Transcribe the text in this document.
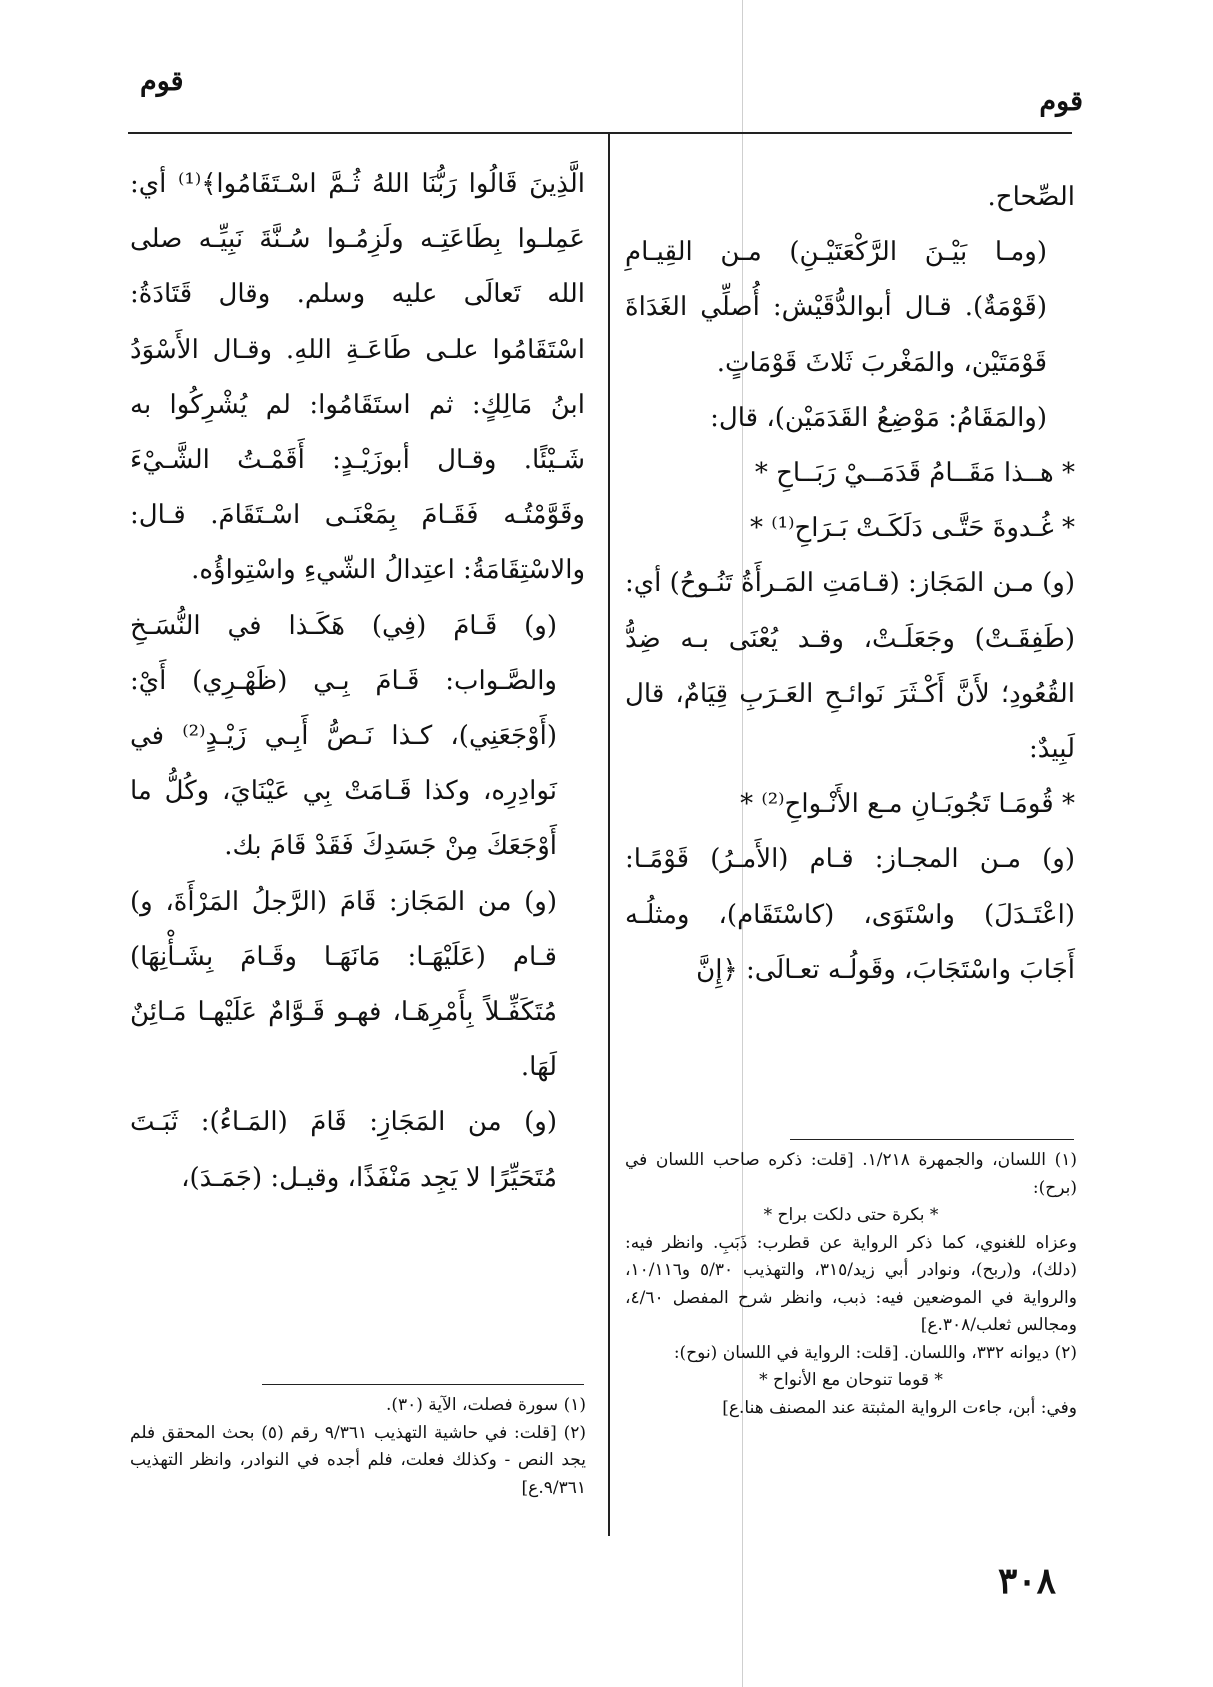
قوم
قوم

الصِّحاح.

(ومـا بَيْـنَ الرَّكْعَتَيْـنِ) مـن القِيـامِ (قَوْمَةٌ). قـال أبوالدُّقَيْش: أُصلِّي الغَدَاةَ قَوْمَتَيْن، والمَغْربَ ثَلاثَ قَوْمَاتٍ.

(والمَقَامُ: مَوْضِعُ القَدَمَيْن)، قال:

* هــذا مَقَــامُ قَدَمَــيْ رَبَــاحِ *

* غُـدوةَ حَتَّـى دَلَكَـتْ بَـرَاحِ⁽¹⁾ *

(و) مـن المَجَاز: (قـامَتِ المَـرأَةُ تَنُـوحُ) أي: (طَفِقَـتْ) وجَعَلَـتْ، وقـد يُعْنَى بـه ضِدُّ القُعُودِ؛ لأَنَّ أَكْـثَرَ نَوائـحِ العَـرَبِ قِيَامٌ، قال لَبِيدٌ:

* قُومَـا تَجُوبَـانِ مـع الأَنْـواحِ⁽²⁾ *

(و) مـن المجـاز: قـام (الأَمـرُ) قَوْمًـا: (اعْتَـدَلَ) واسْتَوَى، (كاسْتَقَام)، ومثلُـه أَجَابَ واسْتَجَابَ، وقَولُـه تعـالَى: ﴿إِنَّ

(١) اللسان، والجمهرة ١/٢١٨. [قلت: ذكره صاحب اللسان في (برح):

* بكرة حتى دلكت براح *

وعزاه للغنوي، كما ذكر الرواية عن قطرب: ذَبَبِ. وانظر فيه: (دلك)، و(ربح)، ونوادر أبي زيد/٣١٥، والتهذيب ٥/٣٠ و١٠/١١٦، والرواية في الموضعين فيه: ذبب، وانظر شرح المفصل ٤/٦٠، ومجالس ثعلب/٣٠٨.ع]

(٢) ديوانه ٣٣٢، واللسان. [قلت: الرواية في اللسان (نوح):

* قوما تنوحان مع الأنواح *

وفي: أبن، جاءت الرواية المثبتة عند المصنف هنا.ع]

الَّذِينَ قَالُوا رَبُّنَا اللهُ ثُـمَّ اسْـتَقَامُوا﴾⁽¹⁾ أي: عَمِلـوا بِطَاعَتِـه ولَزِمُـوا سُـنَّةَ نَبِيِّـه صلى الله تَعالَى عليه وسلم. وقال قَتَادَةُ: اسْتَقَامُوا علـى طَاعَـةِ اللهِ. وقـال الأَسْوَدُ ابنُ مَالِكٍ: ثم استَقَامُوا: لم يُشْرِكُوا به شَـيْئًا. وقـال أبوزَيْـدٍ: أَقَمْـتُ الشَّـيْءَ وقَوَّمْتُـه فَقَـامَ بِمَعْنَـى اسْـتَقَامَ. قـال: والاسْتِقَامَةُ: اعتِدالُ الشّيءِ واسْتِواؤُه.

(و) قَـامَ (فِي) هَكَـذا في النُّسَـخِ والصَّـواب: قَـامَ بِـي (ظَهْـرِي) أَيْ: (أَوْجَعَنِي)، كـذا نَـصُّ أَبِـي زَيْـدٍ⁽²⁾ في نَوادِرِه، وكذا قَـامَتْ بِي عَيْنَايَ، وكُلُّ ما أَوْجَعَكَ مِنْ جَسَدِكَ فَقَدْ قَامَ بك.

(و) من المَجَاز: قَامَ (الرَّجلُ المَرْأَةَ، و) قـام (عَلَيْهَـا: مَانَهَـا وقَـامَ بِشَـأْنِهَا) مُتَكَفِّـلاً بِأَمْرِهَـا، فهـو قَـوَّامٌ عَلَيْهـا مَـائِنٌ لَهَا.

(و) من المَجَازِ: قَامَ (المَـاءُ): ثَبَـتَ مُتَحَيِّرًا لا يَجِد مَنْفَذًا، وقيـل: (جَمَـدَ)،

(١) سورة فصلت، الآية (٣٠).

(٢) [قلت: في حاشية التهذيب ٩/٣٦١ رقم (٥) بحث المحقق فلم يجد النص - وكذلك فعلت، فلم أجده في النوادر، وانظر التهذيب ٩/٣٦١.ع]

٣٠٨
